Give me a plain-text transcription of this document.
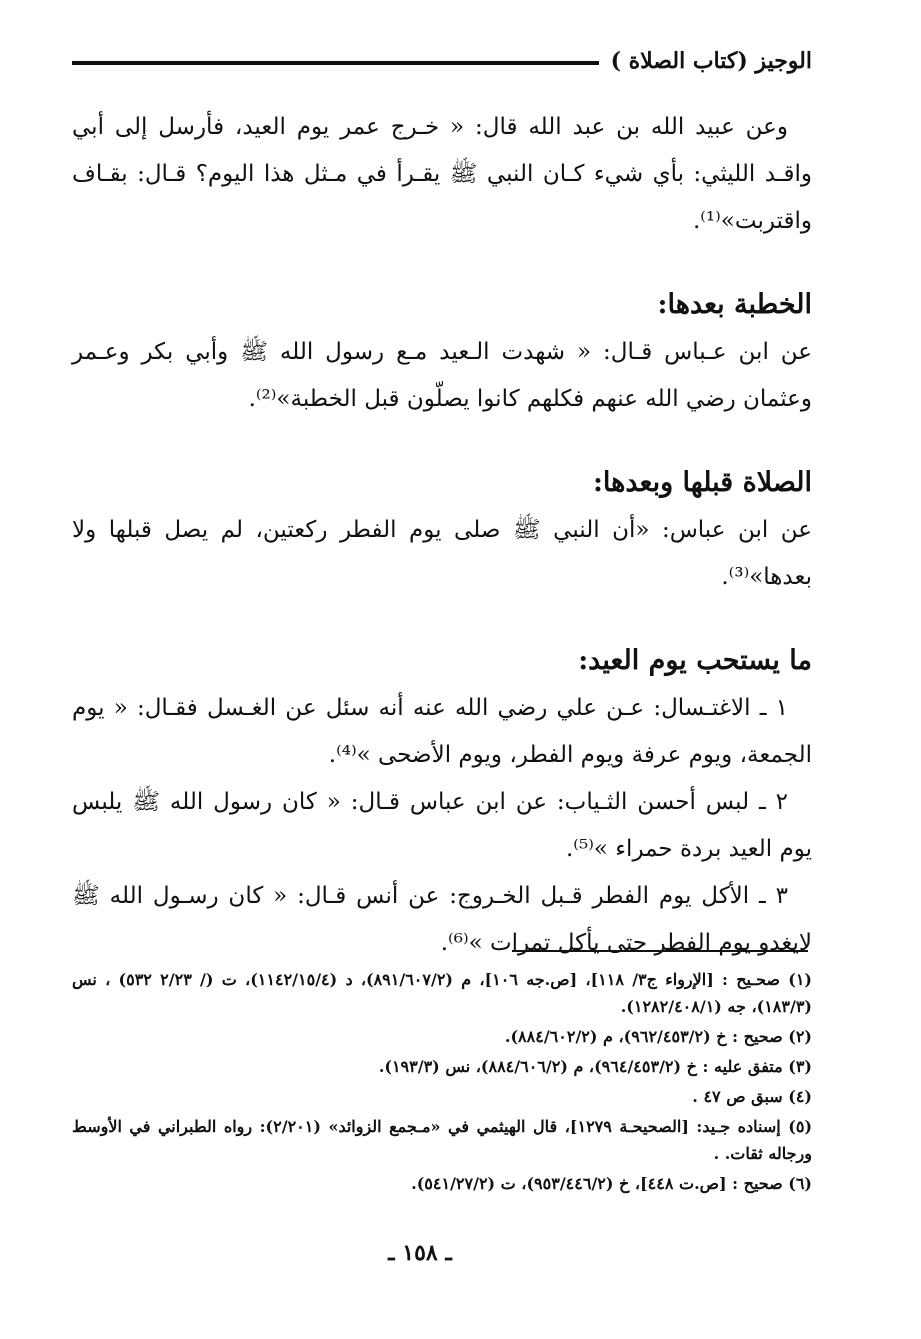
الوجيز (كتاب الصلاة )

وعن عبيد الله بن عبد الله قال: « خـرج عمر يوم العيد، فأرسل إلى أبي واقـد الليثي: بأي شيء كـان النبي ﷺ يقـرأ في مـثل هذا اليوم؟ قـال: بقـاف واقتربت»⁽¹⁾.

الخطبة بعدها:

عن ابن عـباس قـال: « شهدت الـعيد مـع رسول الله ﷺ وأبي بكر وعـمر وعثمان رضي الله عنهم فكلهم كانوا يصلّون قبل الخطبة»⁽²⁾.

الصلاة قبلها وبعدها:

عن ابن عباس: «أن النبي ﷺ صلى يوم الفطر ركعتين، لم يصل قبلها ولا بعدها»⁽³⁾.

ما يستحب يوم العيد:

١ ـ الاغتـسال: عـن علي رضي الله عنه أنه سئل عن الغـسل فقـال: « يوم الجمعة، ويوم عرفة ويوم الفطر، ويوم الأضحى »⁽⁴⁾.

٢ ـ لبس أحسن الثـياب: عن ابن عباس قـال: « كان رسول الله ﷺ يلبس يوم العيد بردة حمراء »⁽⁵⁾.

٣ ـ الأكل يوم الفطر قـبل الخـروج: عن أنس قـال: « كان رسـول الله ﷺ لايغدو يوم الفطر حتى يأكل تمرات »⁽⁶⁾.

(١) صحـيح : [الإرواء ج٣/ ١١٨]، [ص.جه ١٠٦]، م (٨٩١/٦٠٧/٢)، د (١١٤٢/١٥/٤)، ت (/ ٢/٢٣ ٥٣٢) ، نس (١٨٣/٣)، جه (١٢٨٢/٤٠٨/١).

(٢) صحيح : خ (٩٦٢/٤٥٣/٢)، م (٨٨٤/٦٠٢/٢).

(٣) متفق عليه : خ (٩٦٤/٤٥٣/٢)، م (٨٨٤/٦٠٦/٢)، نس (١٩٣/٣).

(٤) سبق ص ٤٧ .

(٥) إسناده جـيد: [الصحيحـة ١٢٧٩]، قال الهيثمي في «مـجمع الزوائد» (٢/٢٠١): رواه الطبراني في الأوسط ورجاله ثقات. .

(٦) صحيح : [ص.ت ٤٤٨]، خ (٩٥٣/٤٤٦/٢)، ت (٥٤١/٢٧/٢).

ـ ١٥٨ ـ
